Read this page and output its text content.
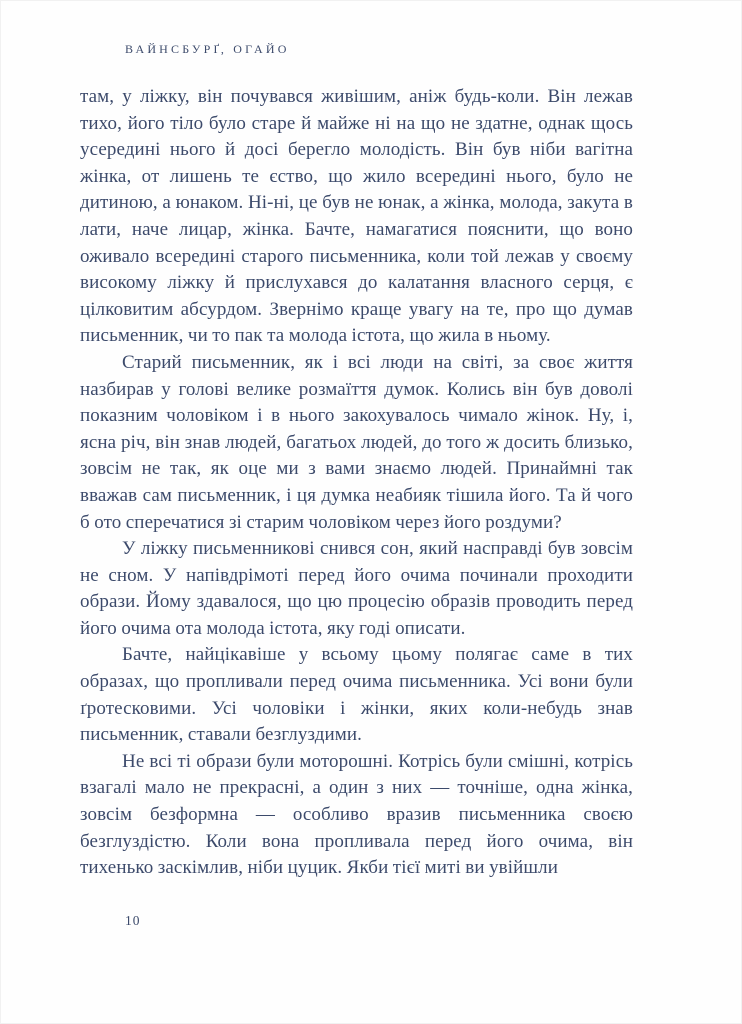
ВАЙНСБУРҐ, ОГАЙО

там, у ліжку, він почувався живішим, аніж будь-коли. Він лежав тихо, його тіло було старе й майже ні на що не здатне, однак щось усередині нього й досі берегло молодість. Він був ніби вагітна жінка, от лишень те єство, що жило всередині нього, було не дитиною, а юнаком. Ні-ні, це був не юнак, а жінка, молода, закута в лати, наче лицар, жінка. Бачте, намагатися пояснити, що воно оживало всередині старого письменника, коли той лежав у своєму високому ліжку й прислухався до калатання власного серця, є цілковитим абсурдом. Звернімо краще увагу на те, про що думав письменник, чи то пак та молода істота, що жила в ньому.

Старий письменник, як і всі люди на світі, за своє життя назбирав у голові велике розмаїття думок. Колись він був доволі показним чоловіком і в нього закохувалось чимало жінок. Ну, і, ясна річ, він знав людей, багатьох людей, до того ж досить близько, зовсім не так, як оце ми з вами знаємо людей. Принаймні так вважав сам письменник, і ця думка неабияк тішила його. Та й чого б ото сперечатися зі старим чоловіком через його роздуми?

У ліжку письменникові снився сон, який насправді був зовсім не сном. У напівдрімоті перед його очима починали проходити образи. Йому здавалося, що цю процесію образів проводить перед його очима ота молода істота, яку годі описати.

Бачте, найцікавіше у всьому цьому полягає саме в тих образах, що пропливали перед очима письменника. Усі вони були ґротесковими. Усі чоловіки і жінки, яких коли-небудь знав письменник, ставали безглуздими.

Не всі ті образи були моторошні. Котрісь були смішні, котрісь взагалі мало не прекрасні, а один з них — точніше, одна жінка, зовсім безформна — особливо вразив письменника своєю безглуздістю. Коли вона пропливала перед його очима, він тихенько заскімлив, ніби цуцик. Якби тієї миті ви увійшли

10
